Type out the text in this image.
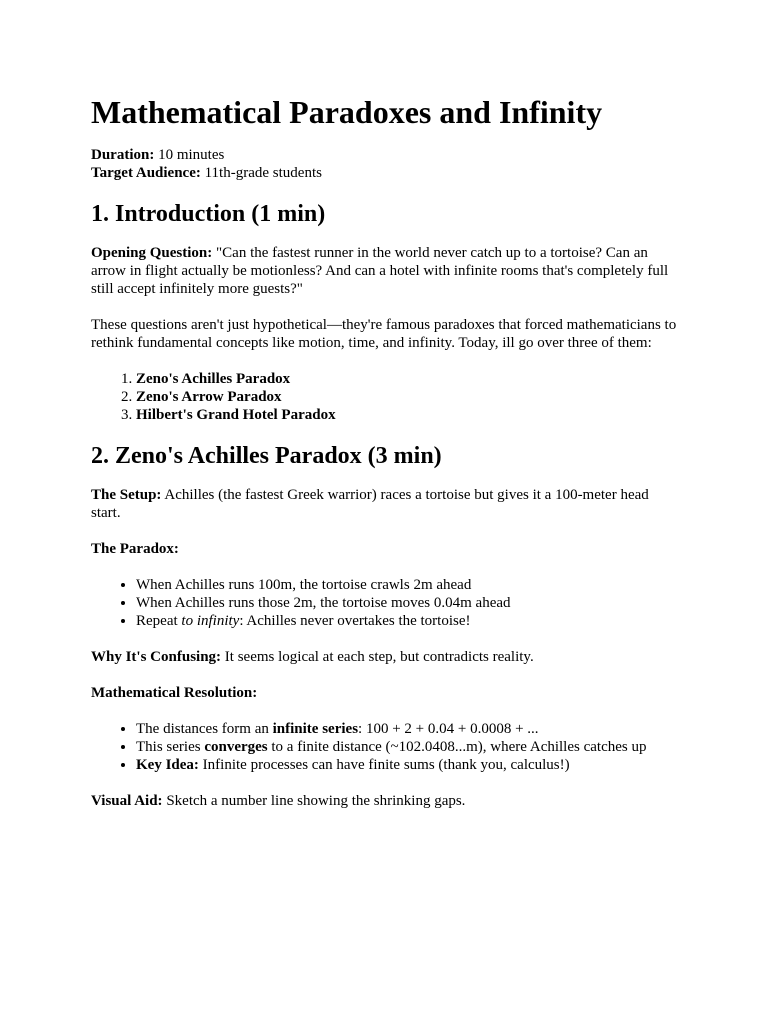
Mathematical Paradoxes and Infinity

Duration: 10 minutes
Target Audience: 11th-grade students

1. Introduction (1 min)

Opening Question: "Can the fastest runner in the world never catch up to a tortoise? Can an arrow in flight actually be motionless? And can a hotel with infinite rooms that's completely full still accept infinitely more guests?"

These questions aren't just hypothetical—they're famous paradoxes that forced mathematicians to rethink fundamental concepts like motion, time, and infinity. Today, ill go over three of them:

1. Zeno's Achilles Paradox
2. Zeno's Arrow Paradox
3. Hilbert's Grand Hotel Paradox
2. Zeno's Achilles Paradox (3 min)

The Setup: Achilles (the fastest Greek warrior) races a tortoise but gives it a 100-meter head start.

The Paradox:

• When Achilles runs 100m, the tortoise crawls 2m ahead
• When Achilles runs those 2m, the tortoise moves 0.04m ahead
• Repeat to infinity: Achilles never overtakes the tortoise!

Why It's Confusing: It seems logical at each step, but contradicts reality.

Mathematical Resolution:

• The distances form an infinite series: 100 + 2 + 0.04 + 0.0008 + ...
• This series converges to a finite distance (~102.0408...m), where Achilles catches up
• Key Idea: Infinite processes can have finite sums (thank you, calculus!)

Visual Aid: Sketch a number line showing the shrinking gaps.
